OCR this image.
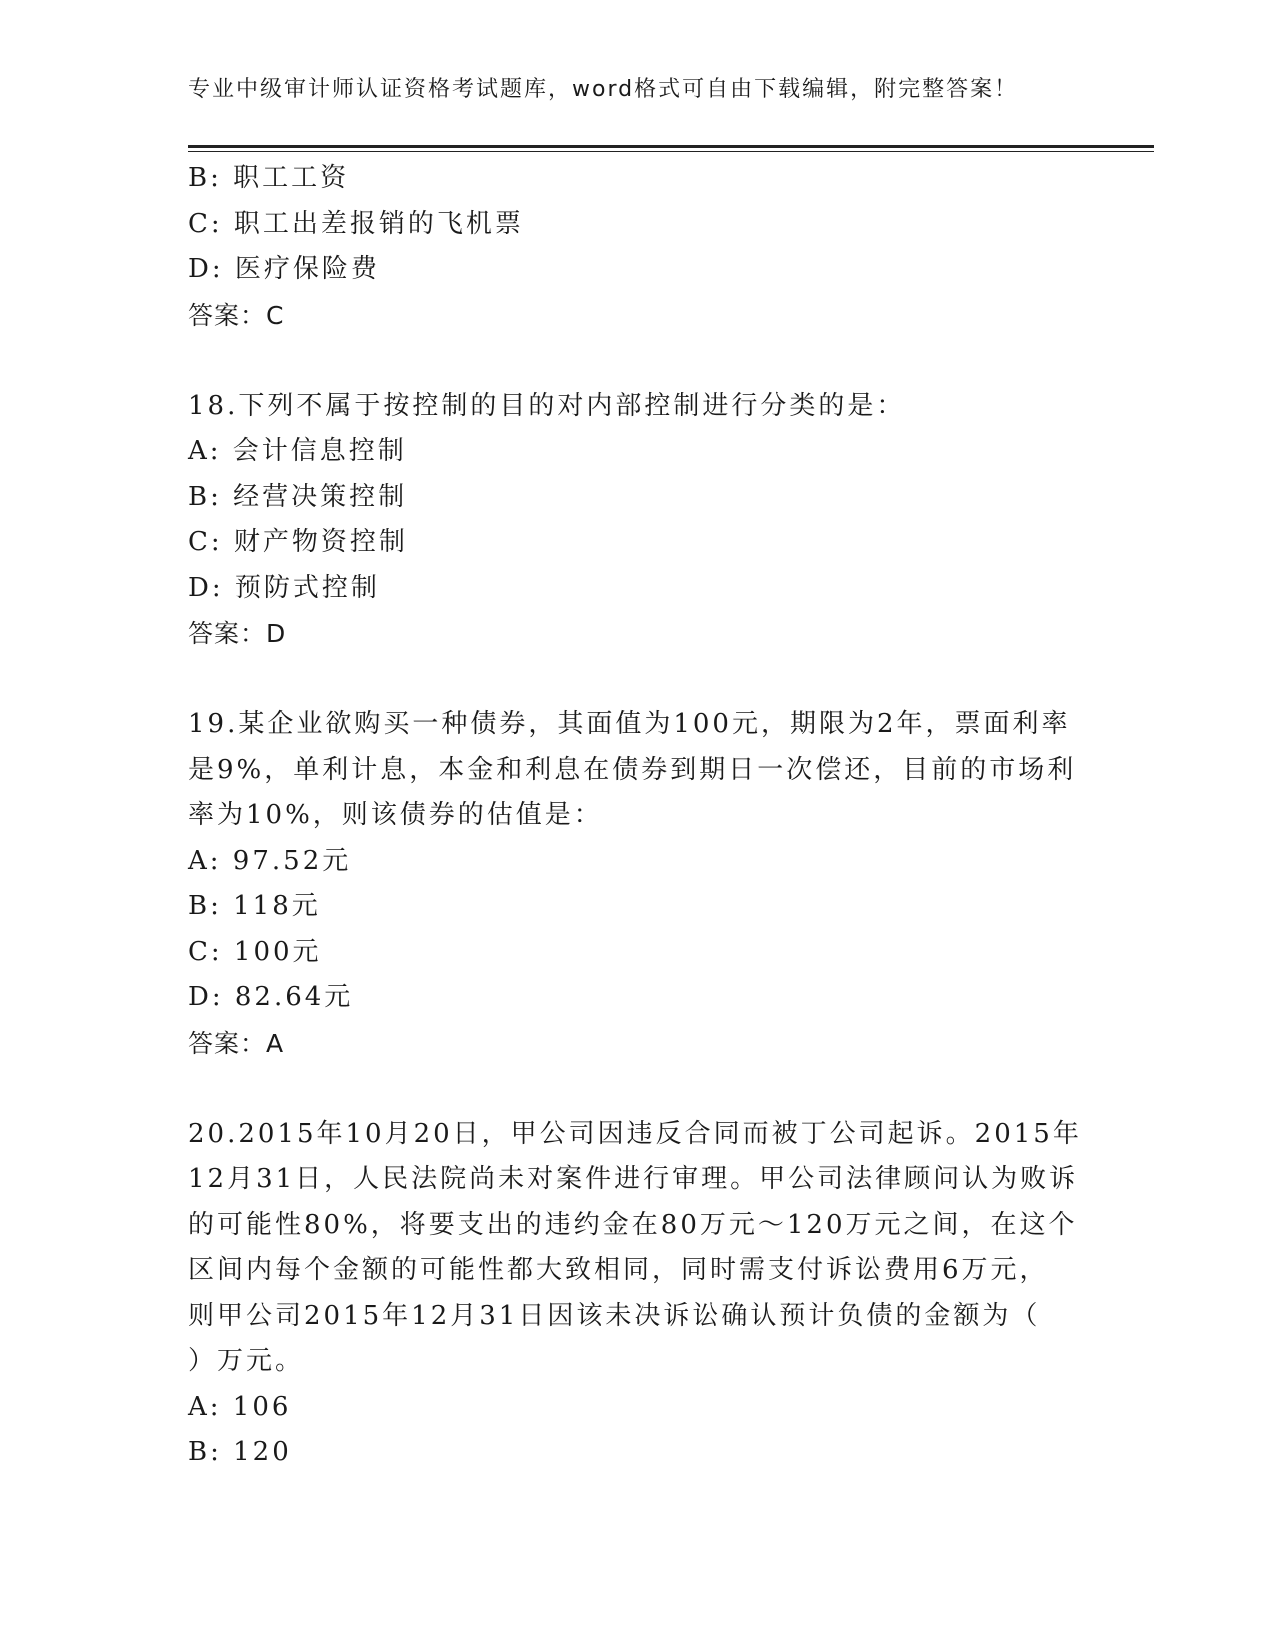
专业中级审计师认证资格考试题库，word格式可自由下载编辑，附完整答案！
B: 职工工资
C: 职工出差报销的飞机票
D: 医疗保险费
答案：C
18.下列不属于按控制的目的对内部控制进行分类的是：
A: 会计信息控制
B: 经营决策控制
C: 财产物资控制
D: 预防式控制
答案：D
19.某企业欲购买一种债券，其面值为100元，期限为2年，票面利率
是9%，单利计息，本金和利息在债券到期日一次偿还，目前的市场利
率为10%，则该债券的估值是：
A: 97.52元
B: 118元
C: 100元
D: 82.64元
答案：A
20.2015年10月20日，甲公司因违反合同而被丁公司起诉。2015年
12月31日，人民法院尚未对案件进行审理。甲公司法律顾问认为败诉
的可能性80%，将要支出的违约金在80万元～120万元之间，在这个
区间内每个金额的可能性都大致相同，同时需支付诉讼费用6万元，
则甲公司2015年12月31日因该未决诉讼确认预计负债的金额为（
）万元。
A: 106
B: 120
